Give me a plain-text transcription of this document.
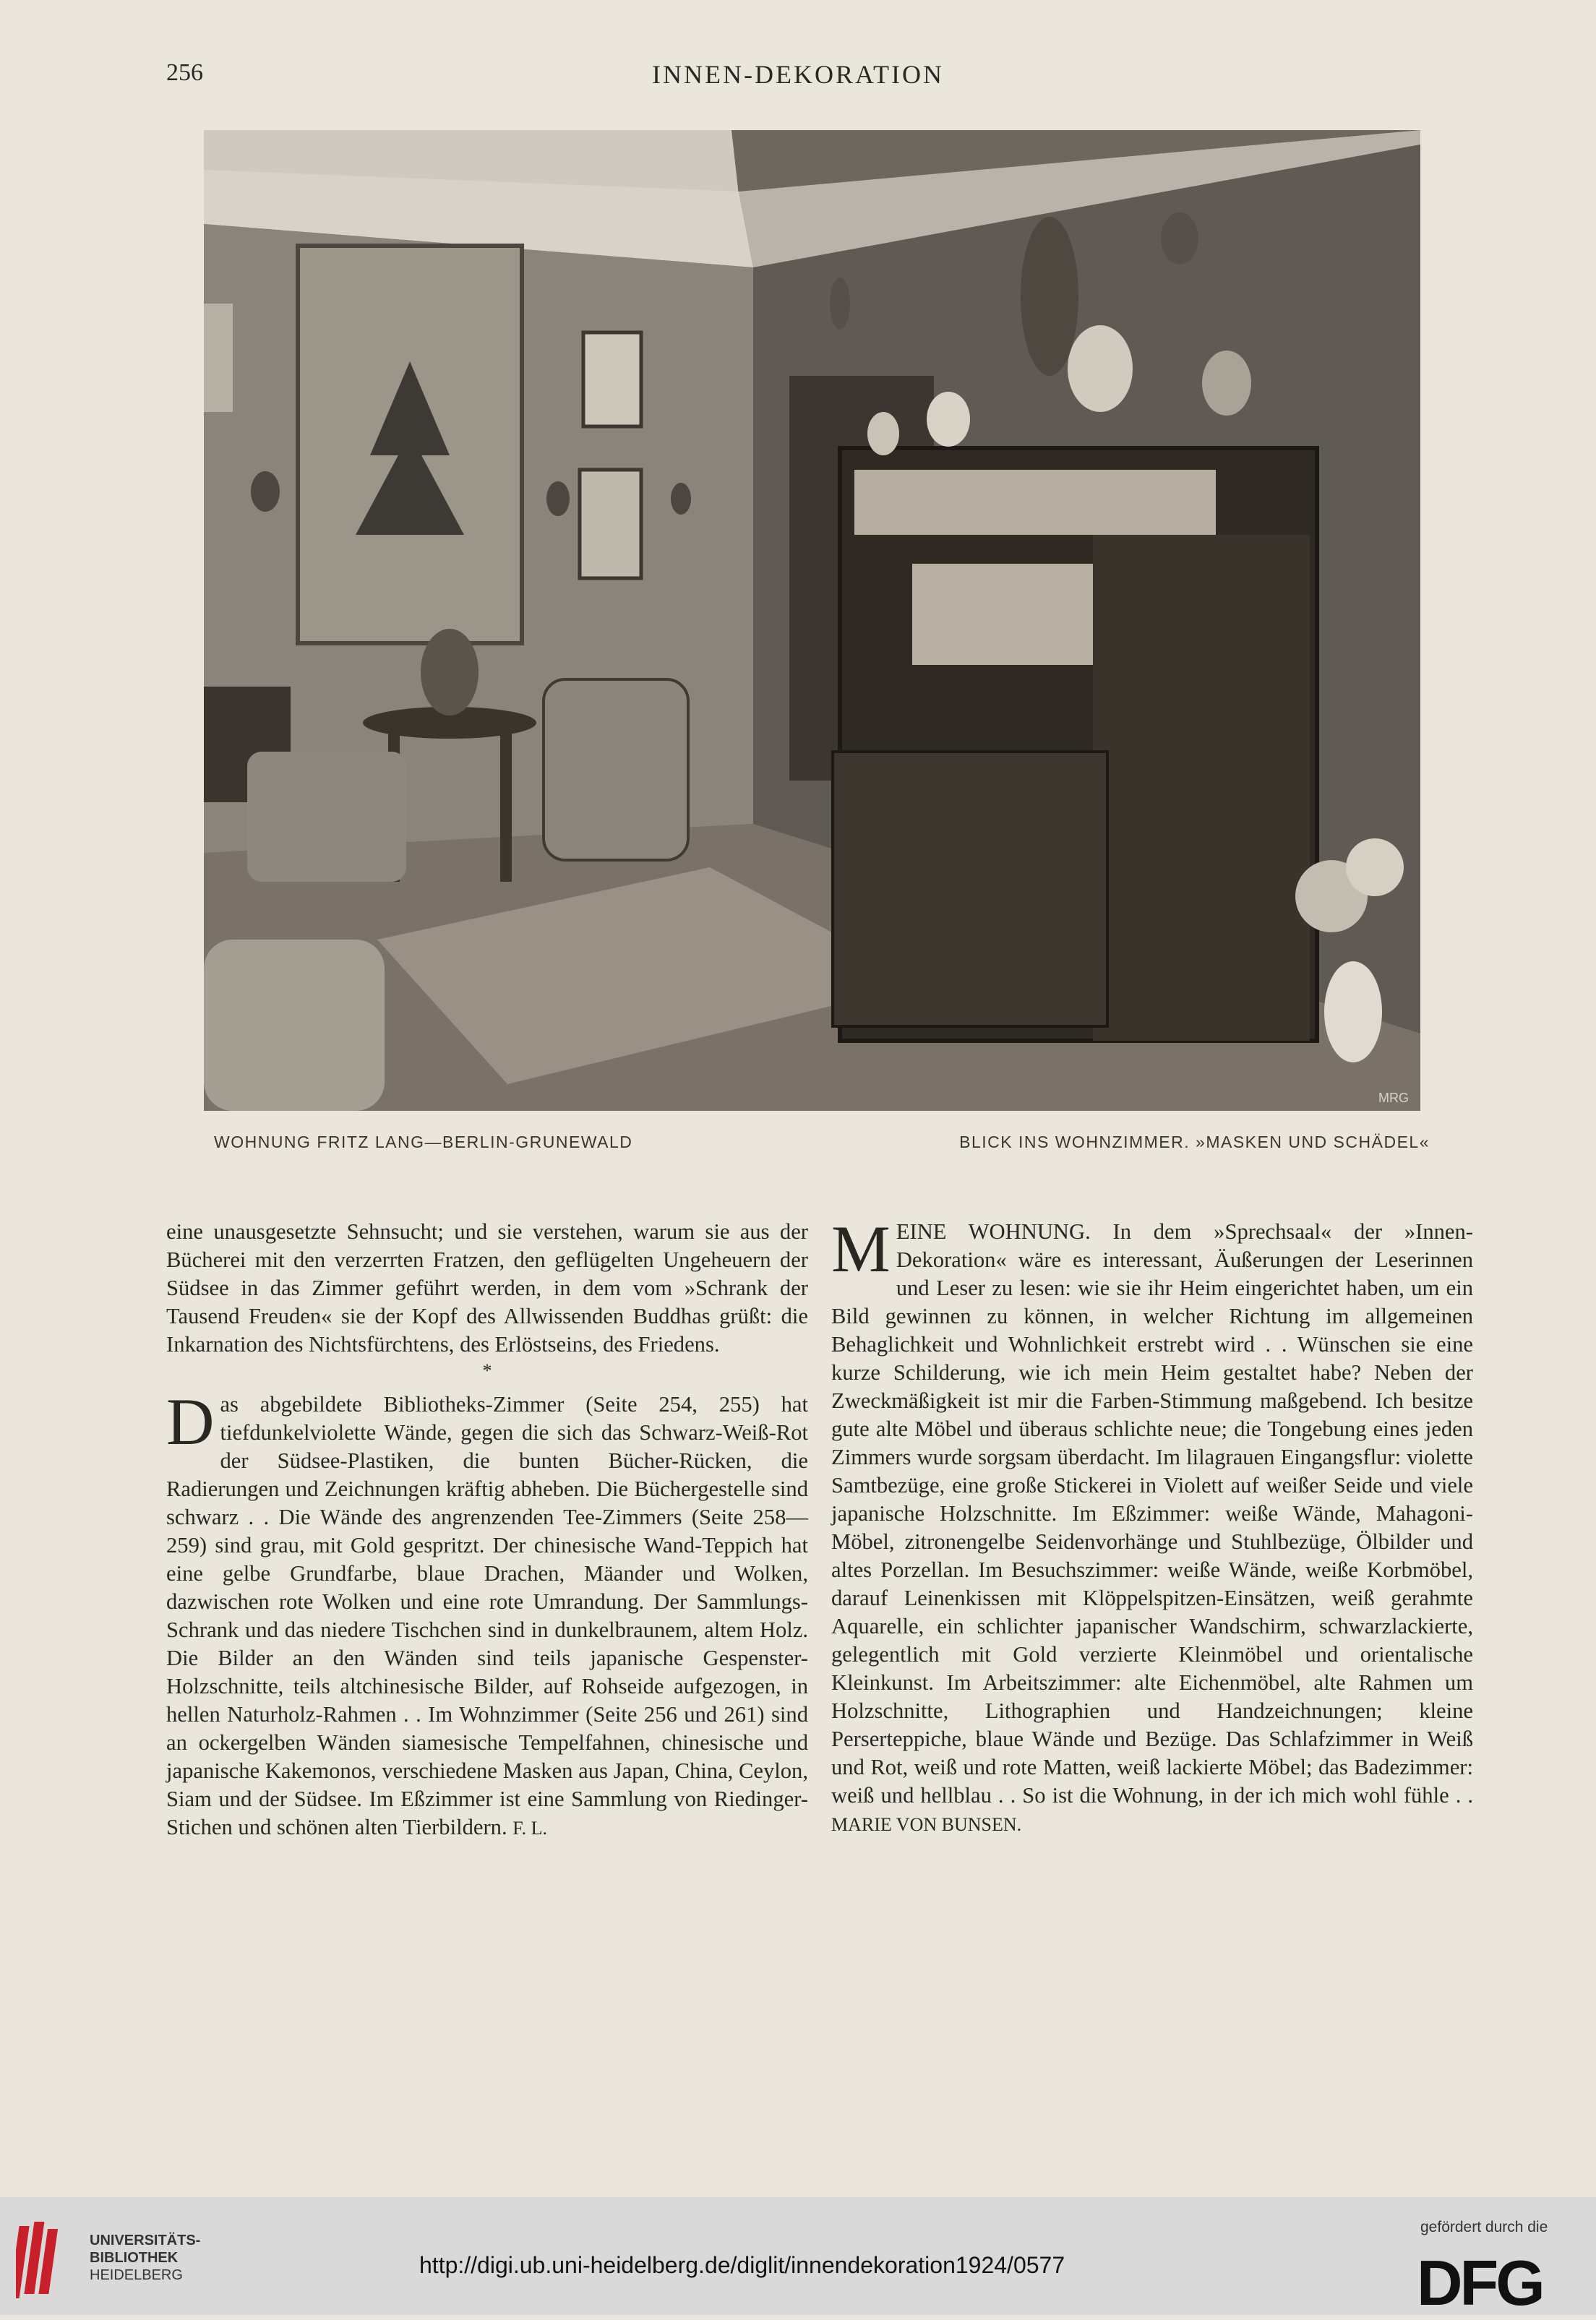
256	INNEN-DEKORATION
MRG
WOHNUNG FRITZ LANG—BERLIN-GRUNEWALD	BLICK INS WOHNZIMMER. »MASKEN UND SCHÄDEL«

eine unausgesetzte Sehnsucht; und sie verstehen, warum sie aus der Bücherei mit den verzerrten Fratzen, den geflügelten Ungeheuern der Südsee in das Zimmer geführt werden, in dem vom »Schrank der Tausend Freuden« sie der Kopf des Allwissenden Buddhas grüßt: die Inkarnation des Nichtsfürchtens, des Erlöstseins, des Friedens.

*

Das abgebildete Bibliotheks-Zimmer (Seite 254, 255) hat tiefdunkelviolette Wände, gegen die sich das Schwarz-Weiß-Rot der Südsee-Plastiken, die bunten Bücher-Rücken, die Radierungen und Zeichnungen kräftig abheben. Die Büchergestelle sind schwarz . . Die Wände des angrenzenden Tee-Zimmers (Seite 258—259) sind grau, mit Gold gespritzt. Der chinesische Wand-Teppich hat eine gelbe Grundfarbe, blaue Drachen, Mäander und Wolken, dazwischen rote Wolken und eine rote Umrandung. Der Sammlungs-Schrank und das niedere Tischchen sind in dunkelbraunem, altem Holz. Die Bilder an den Wänden sind teils japanische Gespenster-Holzschnitte, teils altchinesische Bilder, auf Rohseide aufgezogen, in hellen Naturholz-Rahmen . . Im Wohnzimmer (Seite 256 und 261) sind an ockergelben Wänden siamesische Tempelfahnen, chinesische und japanische Kakemonos, verschiedene Masken aus Japan, China, Ceylon, Siam und der Südsee. Im Eßzimmer ist eine Sammlung von Riedinger-Stichen und schönen alten Tierbildern. F. L.

MEINE WOHNUNG. In dem »Sprechsaal« der »Innen-Dekoration« wäre es interessant, Äußerungen der Leserinnen und Leser zu lesen: wie sie ihr Heim eingerichtet haben, um ein Bild gewinnen zu können, in welcher Richtung im allgemeinen Behaglichkeit und Wohnlichkeit erstrebt wird . . Wünschen sie eine kurze Schilderung, wie ich mein Heim gestaltet habe? Neben der Zweckmäßigkeit ist mir die Farben-Stimmung maßgebend. Ich besitze gute alte Möbel und überaus schlichte neue; die Tongebung eines jeden Zimmers wurde sorgsam überdacht. Im lilagrauen Eingangsflur: violette Samtbezüge, eine große Stickerei in Violett auf weißer Seide und viele japanische Holzschnitte. Im Eßzimmer: weiße Wände, Mahagoni-Möbel, zitronengelbe Seidenvorhänge und Stuhlbezüge, Ölbilder und altes Porzellan. Im Besuchszimmer: weiße Wände, weiße Korbmöbel, darauf Leinenkissen mit Klöppelspitzen-Einsätzen, weiß gerahmte Aquarelle, ein schlichter japanischer Wandschirm, schwarzlackierte, gelegentlich mit Gold verzierte Kleinmöbel und orientalische Kleinkunst. Im Arbeitszimmer: alte Eichenmöbel, alte Rahmen um Holzschnitte, Lithographien und Handzeichnungen; kleine Perserteppiche, blaue Wände und Bezüge. Das Schlafzimmer in Weiß und Rot, weiß und rote Matten, weiß lackierte Möbel; das Badezimmer: weiß und hellblau . . So ist die Wohnung, in der ich mich wohl fühle . . MARIE VON BUNSEN.

UNIVERSITÄTS-
BIBLIOTHEK
HEIDELBERG	http://digi.ub.uni-heidelberg.de/diglit/innendekoration1924/0577
gefördert durch die
DFG
